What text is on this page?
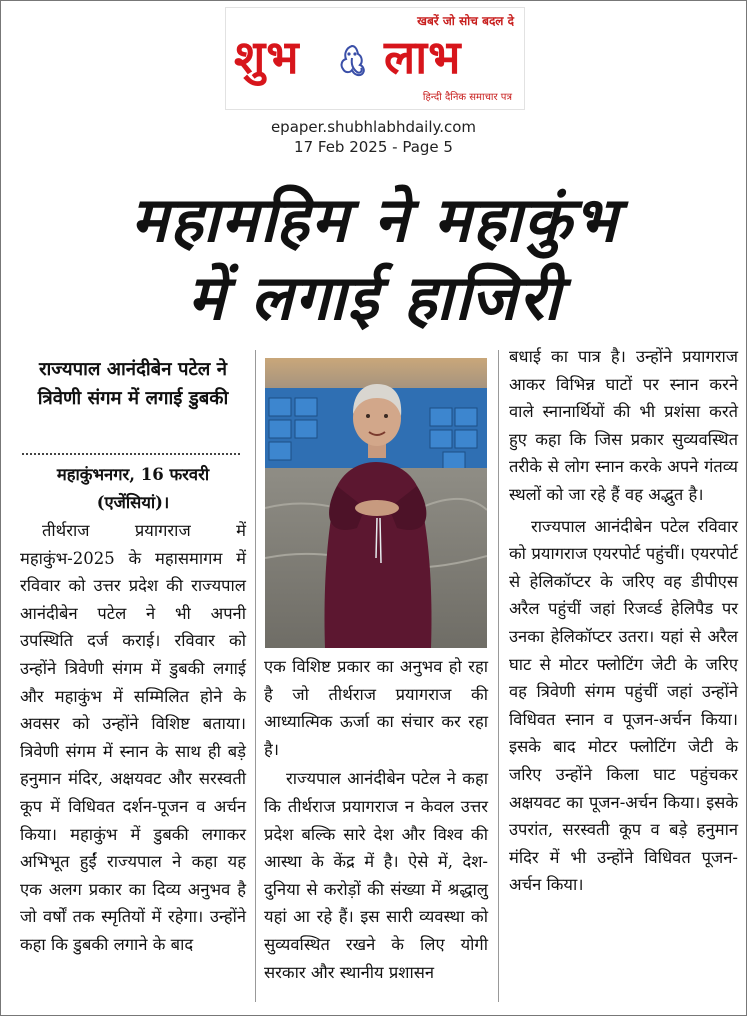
खबरें जो सोच बदल दे
शुभ लाभ
हिन्दी दैनिक समाचार पत्र
epaper.shubhlabhdaily.com
17 Feb 2025 - Page 5
महामहिम ने महाकुंभ
में लगाई हाजिरी
राज्यपाल आनंदीबेन पटेल ने त्रिवेणी संगम में लगाई डुबकी
महाकुंभनगर, 16 फरवरी (एजेंसियां)।

तीर्थराज प्रयागराज में महाकुंभ-2025 के महासमागम में रविवार को उत्तर प्रदेश की राज्यपाल आनंदीबेन पटेल ने भी अपनी उपस्थिति दर्ज कराई। रविवार को उन्होंने त्रिवेणी संगम में डुबकी लगाई और महाकुंभ में सम्मिलित होने के अवसर को उन्होंने विशिष्ट बताया। त्रिवेणी संगम में स्नान के साथ ही बड़े हनुमान मंदिर, अक्षयवट और सरस्वती कूप में विधिवत दर्शन-पूजन व अर्चन किया। महाकुंभ में डुबकी लगाकर अभिभूत हुईं राज्यपाल ने कहा यह एक अलग प्रकार का दिव्य अनुभव है जो वर्षों तक स्मृतियों में रहेगा। उन्होंने कहा कि डुबकी लगाने के बाद

एक विशिष्ट प्रकार का अनुभव हो रहा है जो तीर्थराज प्रयागराज की आध्यात्मिक ऊर्जा का संचार कर रहा है।

राज्यपाल आनंदीबेन पटेल ने कहा कि तीर्थराज प्रयागराज न केवल उत्तर प्रदेश बल्कि सारे देश और विश्व की आस्था के केंद्र में है। ऐसे में, देश-दुनिया से करोड़ों की संख्या में श्रद्धालु यहां आ रहे हैं। इस सारी व्यवस्था को सुव्यवस्थित रखने के लिए योगी सरकार और स्थानीय प्रशासन

बधाई का पात्र है। उन्होंने प्रयागराज आकर विभिन्न घाटों पर स्नान करने वाले स्नानार्थियों की भी प्रशंसा करते हुए कहा कि जिस प्रकार सुव्यवस्थित तरीके से लोग स्नान करके अपने गंतव्य स्थलों को जा रहे हैं वह अद्भुत है।

राज्यपाल आनंदीबेन पटेल रविवार को प्रयागराज एयरपोर्ट पहुंचीं। एयरपोर्ट से हेलिकॉप्टर के जरिए वह डीपीएस अरैल पहुंचीं जहां रिजर्व्ड हेलिपैड पर उनका हेलिकॉप्टर उतरा। यहां से अरैल घाट से मोटर फ्लोटिंग जेटी के जरिए वह त्रिवेणी संगम पहुंचीं जहां उन्होंने विधिवत स्नान व पूजन-अर्चन किया। इसके बाद मोटर फ्लोटिंग जेटी के जरिए उन्होंने किला घाट पहुंचकर अक्षयवट का पूजन-अर्चन किया। इसके उपरांत, सरस्वती कूप व बड़े हनुमान मंदिर में भी उन्होंने विधिवत पूजन-अर्चन किया।
